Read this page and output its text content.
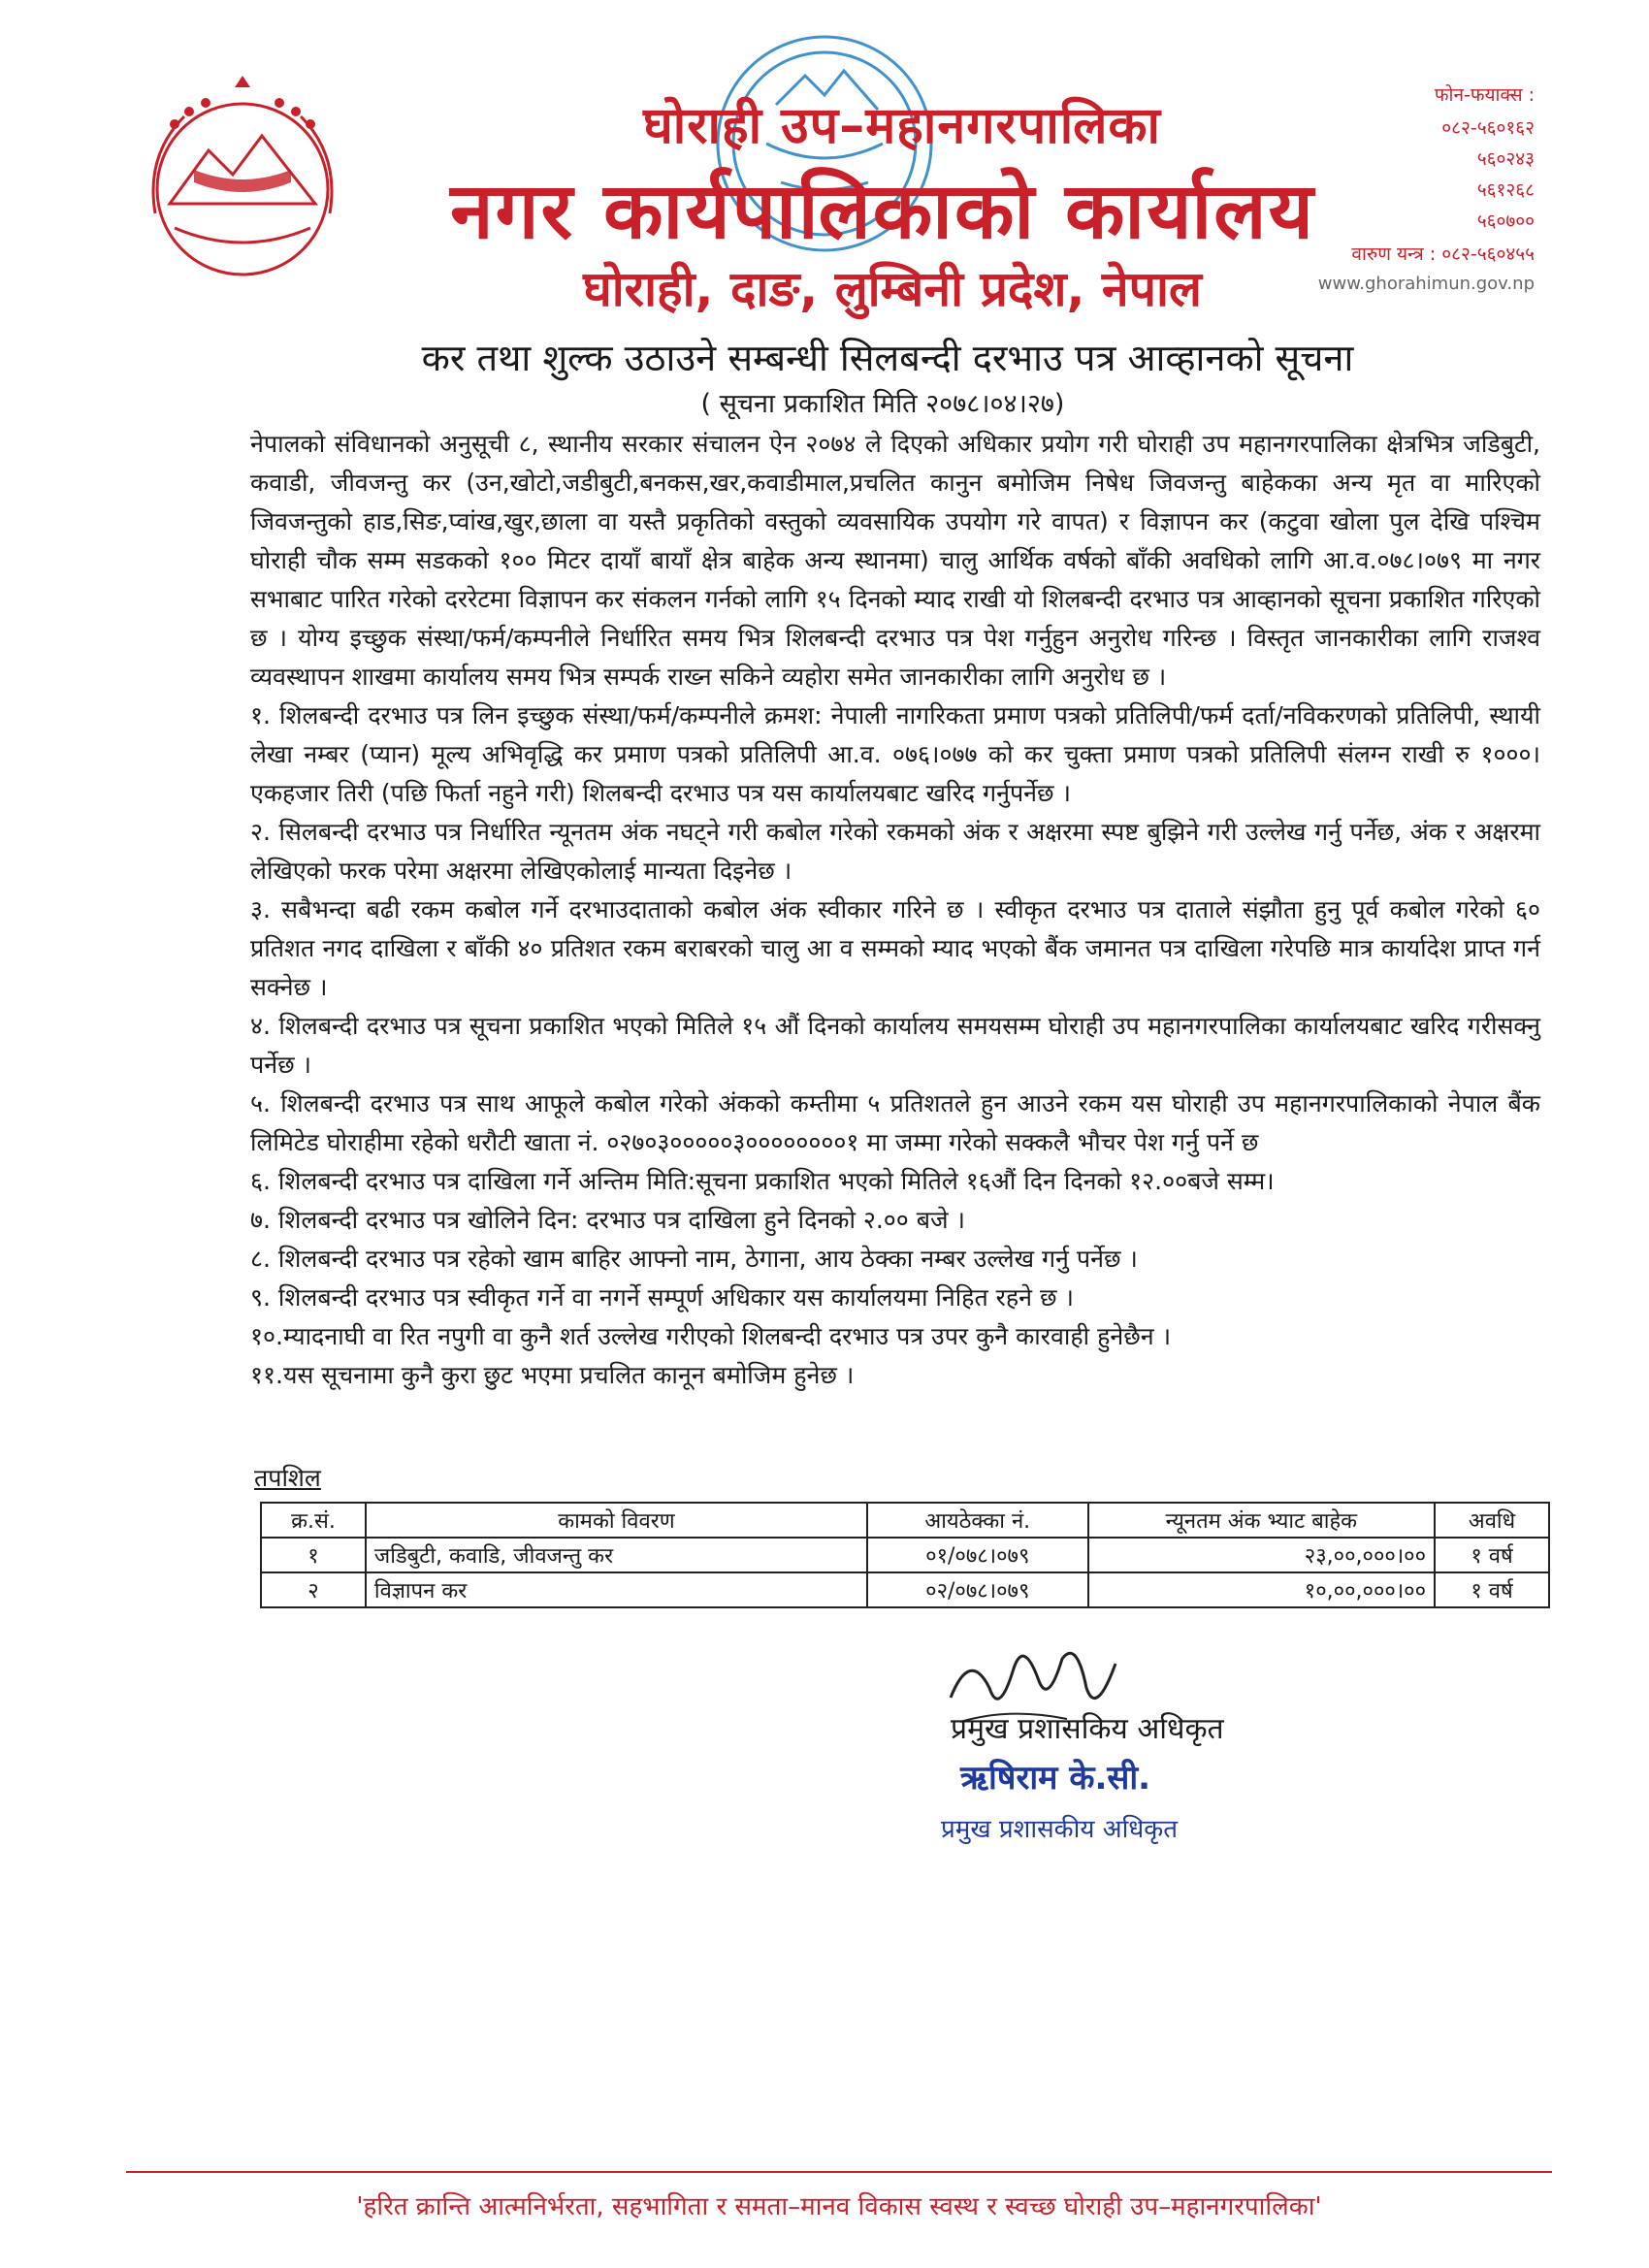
घोराही उप–महानगरपालिका
नगर कार्यपालिकाको कार्यालय
घोराही, दाङ, लुम्बिनी प्रदेश, नेपाल
फोन-फयाक्स :
०८२-५६०१६२
५६०२४३
५६१२६८
५६०७००
वारुण यन्त्र : ०८२-५६०४५५
www.ghorahimun.gov.np
कर तथा शुल्क उठाउने सम्बन्धी सिलबन्दी दरभाउ पत्र आव्हानको सूचना
( सूचना प्रकाशित मिति २०७८।०४।२७)

नेपालको संविधानको अनुसूची ८, स्थानीय सरकार संचालन ऐन २०७४ ले दिएको अधिकार प्रयोग गरी घोराही उप महानगरपालिका क्षेत्रभित्र जडिबुटी, कवाडी, जीवजन्तु कर (उन,खोटो,जडीबुटी,बनकस,खर,कवाडीमाल,प्रचलित कानुन बमोजिम निषेध जिवजन्तु बाहेकका अन्य मृत वा मारिएको जिवजन्तुको हाड,सिङ,प्वांख,खुर,छाला वा यस्तै प्रकृतिको वस्तुको व्यवसायिक उपयोग गरे वापत) र विज्ञापन कर (कटुवा खोला पुल देखि पश्चिम घोराही चौक सम्म सडकको १०० मिटर दायाँ बायाँ क्षेत्र बाहेक अन्य स्थानमा) चालु आर्थिक वर्षको बाँकी अवधिको लागि आ.व.०७८।०७९ मा नगर सभाबाट पारित गरेको दररेटमा विज्ञापन कर संकलन गर्नको लागि १५ दिनको म्याद राखी यो शिलबन्दी दरभाउ पत्र आव्हानको सूचना प्रकाशित गरिएको छ । योग्य इच्छुक संस्था/फर्म/कम्पनीले निर्धारित समय भित्र शिलबन्दी दरभाउ पत्र पेश गर्नुहुन अनुरोध गरिन्छ । विस्तृत जानकारीका लागि राजश्व व्यवस्थापन शाखमा कार्यालय समय भित्र सम्पर्क राख्न सकिने व्यहोरा समेत जानकारीका लागि अनुरोध छ ।

१. शिलबन्दी दरभाउ पत्र लिन इच्छुक संस्था/फर्म/कम्पनीले क्रमश: नेपाली नागरिकता प्रमाण पत्रको प्रतिलिपी/फर्म दर्ता/नविकरणको प्रतिलिपी, स्थायी लेखा नम्बर (प्यान) मूल्य अभिवृद्धि कर प्रमाण पत्रको प्रतिलिपी आ.व. ०७६।०७७ को कर चुक्ता प्रमाण पत्रको प्रतिलिपी संलग्न राखी रु १०००। एकहजार तिरी (पछि फिर्ता नहुने गरी) शिलबन्दी दरभाउ पत्र यस कार्यालयबाट खरिद गर्नुपर्नेछ ।

२. सिलबन्दी दरभाउ पत्र निर्धारित न्यूनतम अंक नघट्ने गरी कबोल गरेको रकमको अंक र अक्षरमा स्पष्ट बुझिने गरी उल्लेख गर्नु पर्नेछ, अंक र अक्षरमा लेखिएको फरक परेमा अक्षरमा लेखिएकोलाई मान्यता दिइनेछ ।

३. सबैभन्दा बढी रकम कबोल गर्ने दरभाउदाताको कबोल अंक स्वीकार गरिने छ । स्वीकृत दरभाउ पत्र दाताले संझौता हुनु पूर्व कबोल गरेको ६० प्रतिशत नगद दाखिला र बाँकी ४० प्रतिशत रकम बराबरको चालु आ व सम्मको म्याद भएको बैंक जमानत पत्र दाखिला गरेपछि मात्र कार्यादेश प्राप्त गर्न सक्नेछ ।

४. शिलबन्दी दरभाउ पत्र सूचना प्रकाशित भएको मितिले १५ औं दिनको कार्यालय समयसम्म घोराही उप महानगरपालिका कार्यालयबाट खरिद गरीसक्नु पर्नेछ ।

५. शिलबन्दी दरभाउ पत्र साथ आफूले कबोल गरेको अंकको कम्तीमा ५ प्रतिशतले हुन आउने रकम यस घोराही उप महानगरपालिकाको नेपाल बैंक लिमिटेड घोराहीमा रहेको धरौटी खाता नं. ०२७०३०००००३००००००००१ मा जम्मा गरेको सक्कलै भौचर पेश गर्नु पर्ने छ

६. शिलबन्दी दरभाउ पत्र दाखिला गर्ने अन्तिम मिति:सूचना प्रकाशित भएको मितिले १६औं दिन दिनको १२.००बजे सम्म।

७. शिलबन्दी दरभाउ पत्र खोलिने दिन: दरभाउ पत्र दाखिला हुने दिनको २.०० बजे ।

८. शिलबन्दी दरभाउ पत्र रहेको खाम बाहिर आफ्नो नाम, ठेगाना, आय ठेक्का नम्बर उल्लेख गर्नु पर्नेछ ।

९. शिलबन्दी दरभाउ पत्र स्वीकृत गर्ने वा नगर्ने सम्पूर्ण अधिकार यस कार्यालयमा निहित रहने छ ।

१०.म्यादनाघी वा रित नपुगी वा कुनै शर्त उल्लेख गरीएको शिलबन्दी दरभाउ पत्र उपर कुनै कारवाही हुनेछैन ।

११.यस सूचनामा कुनै कुरा छुट भएमा प्रचलित कानून बमोजिम हुनेछ ।

तपशिल
क्र.सं.	कामको विवरण	आयठेक्का नं.	न्यूनतम अंक भ्याट बाहेक	अवधि
१	जडिबुटी, कवाडि, जीवजन्तु कर	०१/०७८।०७९	२३,००,०००।००	१ वर्ष
२	विज्ञापन कर	०२/०७८।०७९	१०,००,०००।००	१ वर्ष
प्रमुख प्रशासकिय अधिकृत
ऋषिराम के.सी.
प्रमुख प्रशासकीय अधिकृत
'हरित क्रान्ति आत्मनिर्भरता, सहभागिता र समता–मानव विकास स्वस्थ र स्वच्छ घोराही उप–महानगरपालिका'
